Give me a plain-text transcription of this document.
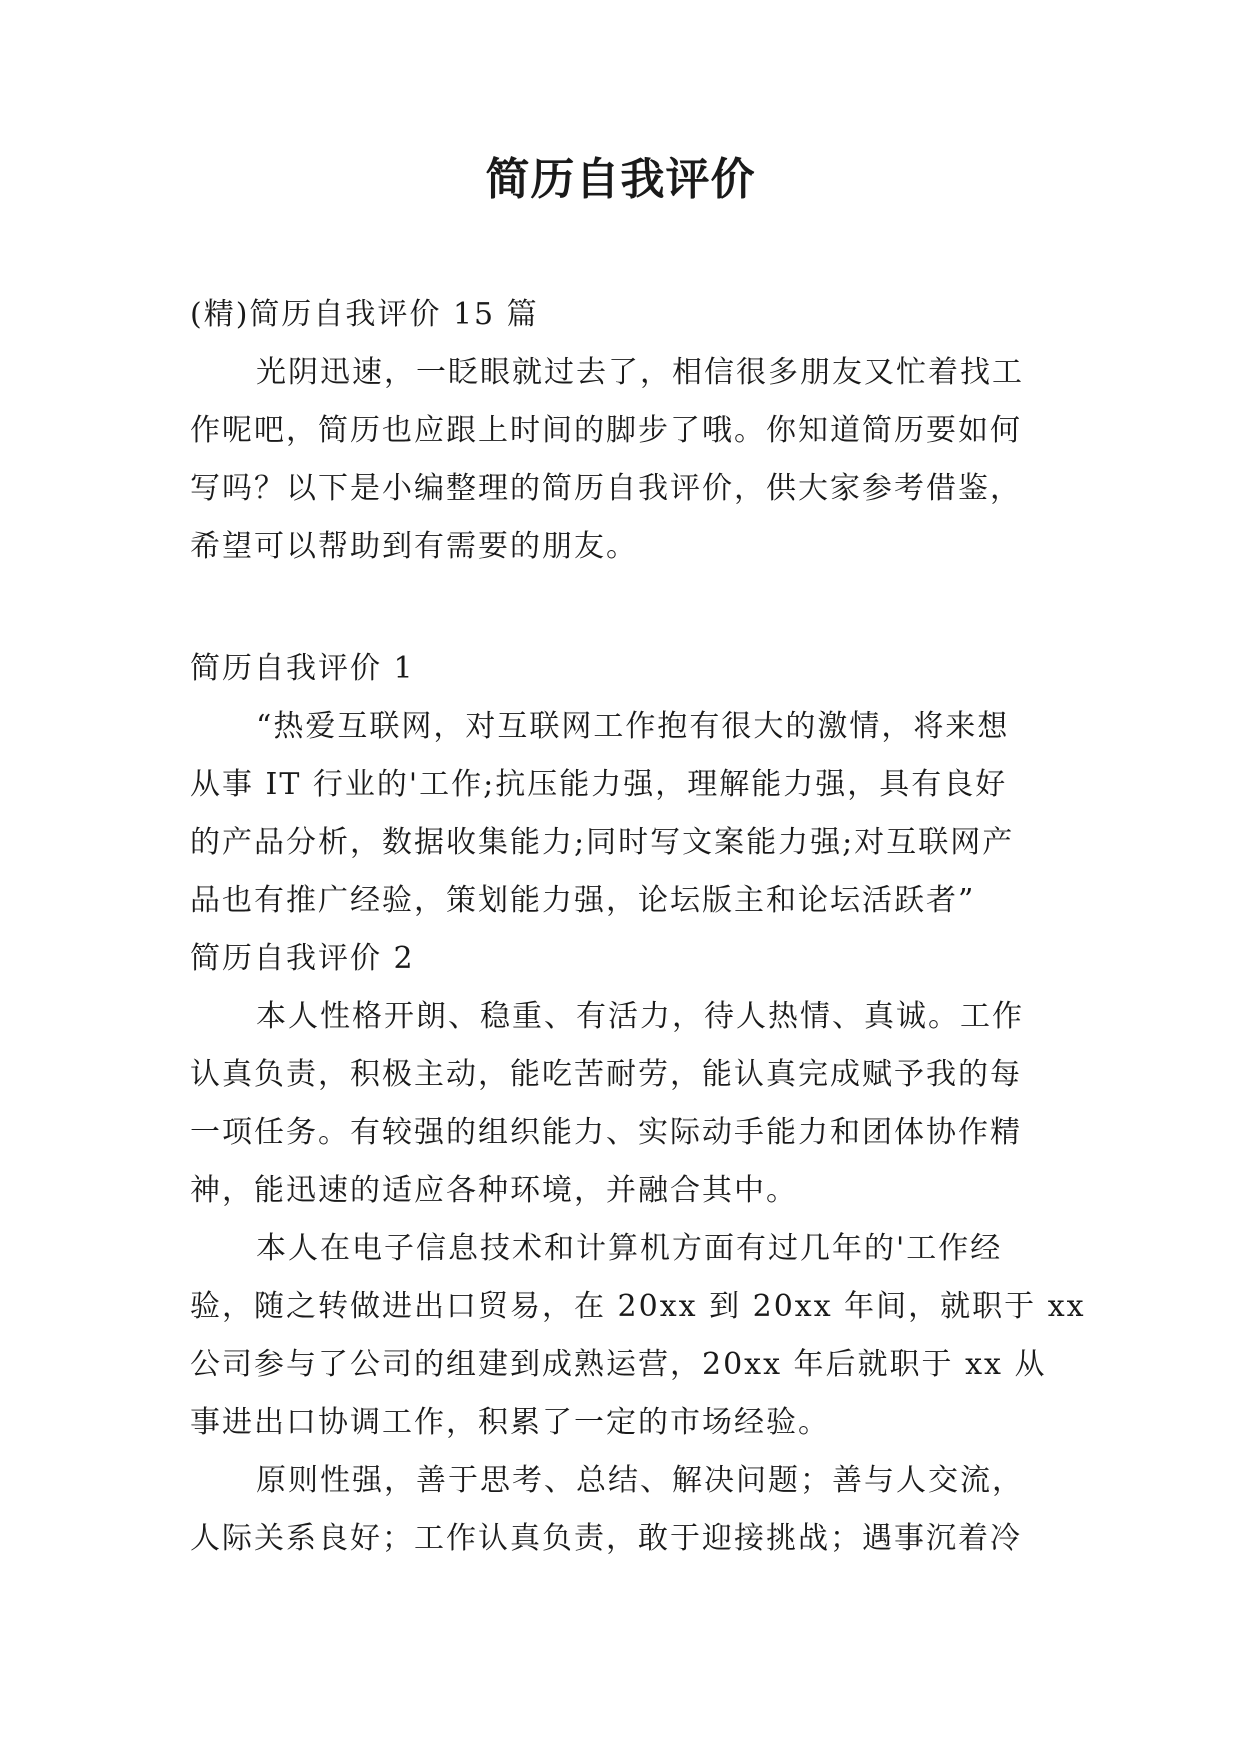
简历自我评价
(精)简历自我评价 15 篇
光阴迅速，一眨眼就过去了，相信很多朋友又忙着找工
作呢吧，简历也应跟上时间的脚步了哦。你知道简历要如何
写吗？以下是小编整理的简历自我评价，供大家参考借鉴，
希望可以帮助到有需要的朋友。
简历自我评价 1
“热爱互联网，对互联网工作抱有很大的激情，将来想
从事 IT 行业的'工作;抗压能力强，理解能力强，具有良好
的产品分析，数据收集能力;同时写文案能力强;对互联网产
品也有推广经验，策划能力强，论坛版主和论坛活跃者”
简历自我评价 2
本人性格开朗、稳重、有活力，待人热情、真诚。工作
认真负责，积极主动，能吃苦耐劳，能认真完成赋予我的每
一项任务。有较强的组织能力、实际动手能力和团体协作精
神，能迅速的适应各种环境，并融合其中。
本人在电子信息技术和计算机方面有过几年的'工作经
验，随之转做进出口贸易，在 20xx 到 20xx 年间，就职于 xx
公司参与了公司的组建到成熟运营，20xx 年后就职于 xx 从
事进出口协调工作，积累了一定的市场经验。
原则性强，善于思考、总结、解决问题；善与人交流，
人际关系良好；工作认真负责，敢于迎接挑战；遇事沉着冷
